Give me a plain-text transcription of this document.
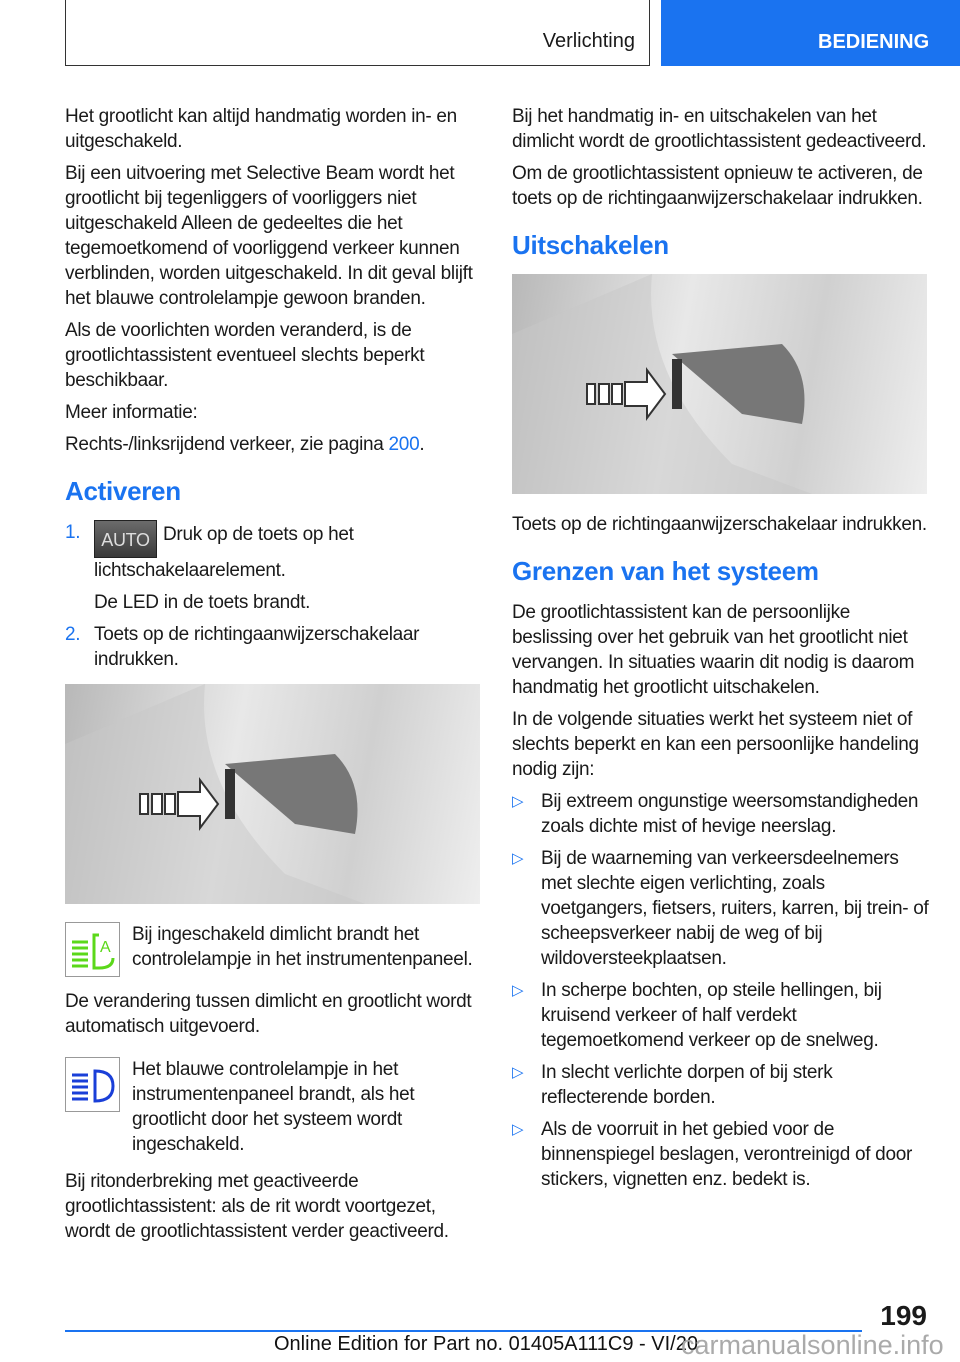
Verlichting	BEDIENING

Het grootlicht kan altijd handmatig worden in- en uitgeschakeld.

Bij een uitvoering met Selective Beam wordt het grootlicht bij tegenliggers of voorliggers niet uitgeschakeld Alleen de gedeeltes die het tegemoetkomend of voorliggend verkeer kunnen verblinden, worden uitgeschakeld. In dit geval blijft het blauwe controlelampje gewoon branden.

Als de voorlichten worden veranderd, is de grootlichtassistent eventueel slechts beperkt beschikbaar.

Meer informatie:

Rechts-/linksrijdend verkeer, zie pagina 200.

Activeren
1. AUTO Druk op de toets op het lichtschakelaarelement.
De LED in de toets brandt.
2. Toets op de richtingaanwijzerschakelaar indrukken.
A
Bij ingeschakeld dimlicht brandt het controlelampje in het instrumentenpaneel.

De verandering tussen dimlicht en grootlicht wordt automatisch uitgevoerd.

Het blauwe controlelampje in het instrumentenpaneel brandt, als het grootlicht door het systeem wordt ingeschakeld.

Bij ritonderbreking met geactiveerde grootlichtassistent: als de rit wordt voortgezet, wordt de grootlichtassistent verder geactiveerd.

Bij het handmatig in- en uitschakelen van het dimlicht wordt de grootlichtassistent gedeactiveerd.

Om de grootlichtassistent opnieuw te activeren, de toets op de richtingaanwijzerschakelaar indrukken.

Uitschakelen

Toets op de richtingaanwijzerschakelaar indrukken.

Grenzen van het systeem

De grootlichtassistent kan de persoonlijke beslissing over het gebruik van het grootlicht niet vervangen. In situaties waarin dit nodig is daarom handmatig het grootlicht uitschakelen.

In de volgende situaties werkt het systeem niet of slechts beperkt en kan een persoonlijke handeling nodig zijn:

▷ Bij extreem ongunstige weersomstandigheden zoals dichte mist of hevige neerslag.
▷ Bij de waarneming van verkeersdeelnemers met slechte eigen verlichting, zoals voetgangers, fietsers, ruiters, karren, bij trein- of scheepsverkeer nabij de weg of bij wildoversteekplaatsen.
▷ In scherpe bochten, op steile hellingen, bij kruisend verkeer of half verdekt tegemoetkomend verkeer op de snelweg.
▷ In slecht verlichte dorpen of bij sterk reflecterende borden.
▷ Als de voorruit in het gebied voor de binnenspiegel beslagen, verontreinigd of door stickers, vignetten enz. bedekt is.
199
Online Edition for Part no. 01405A111C9 - VI/20
carmanualsonline.info
